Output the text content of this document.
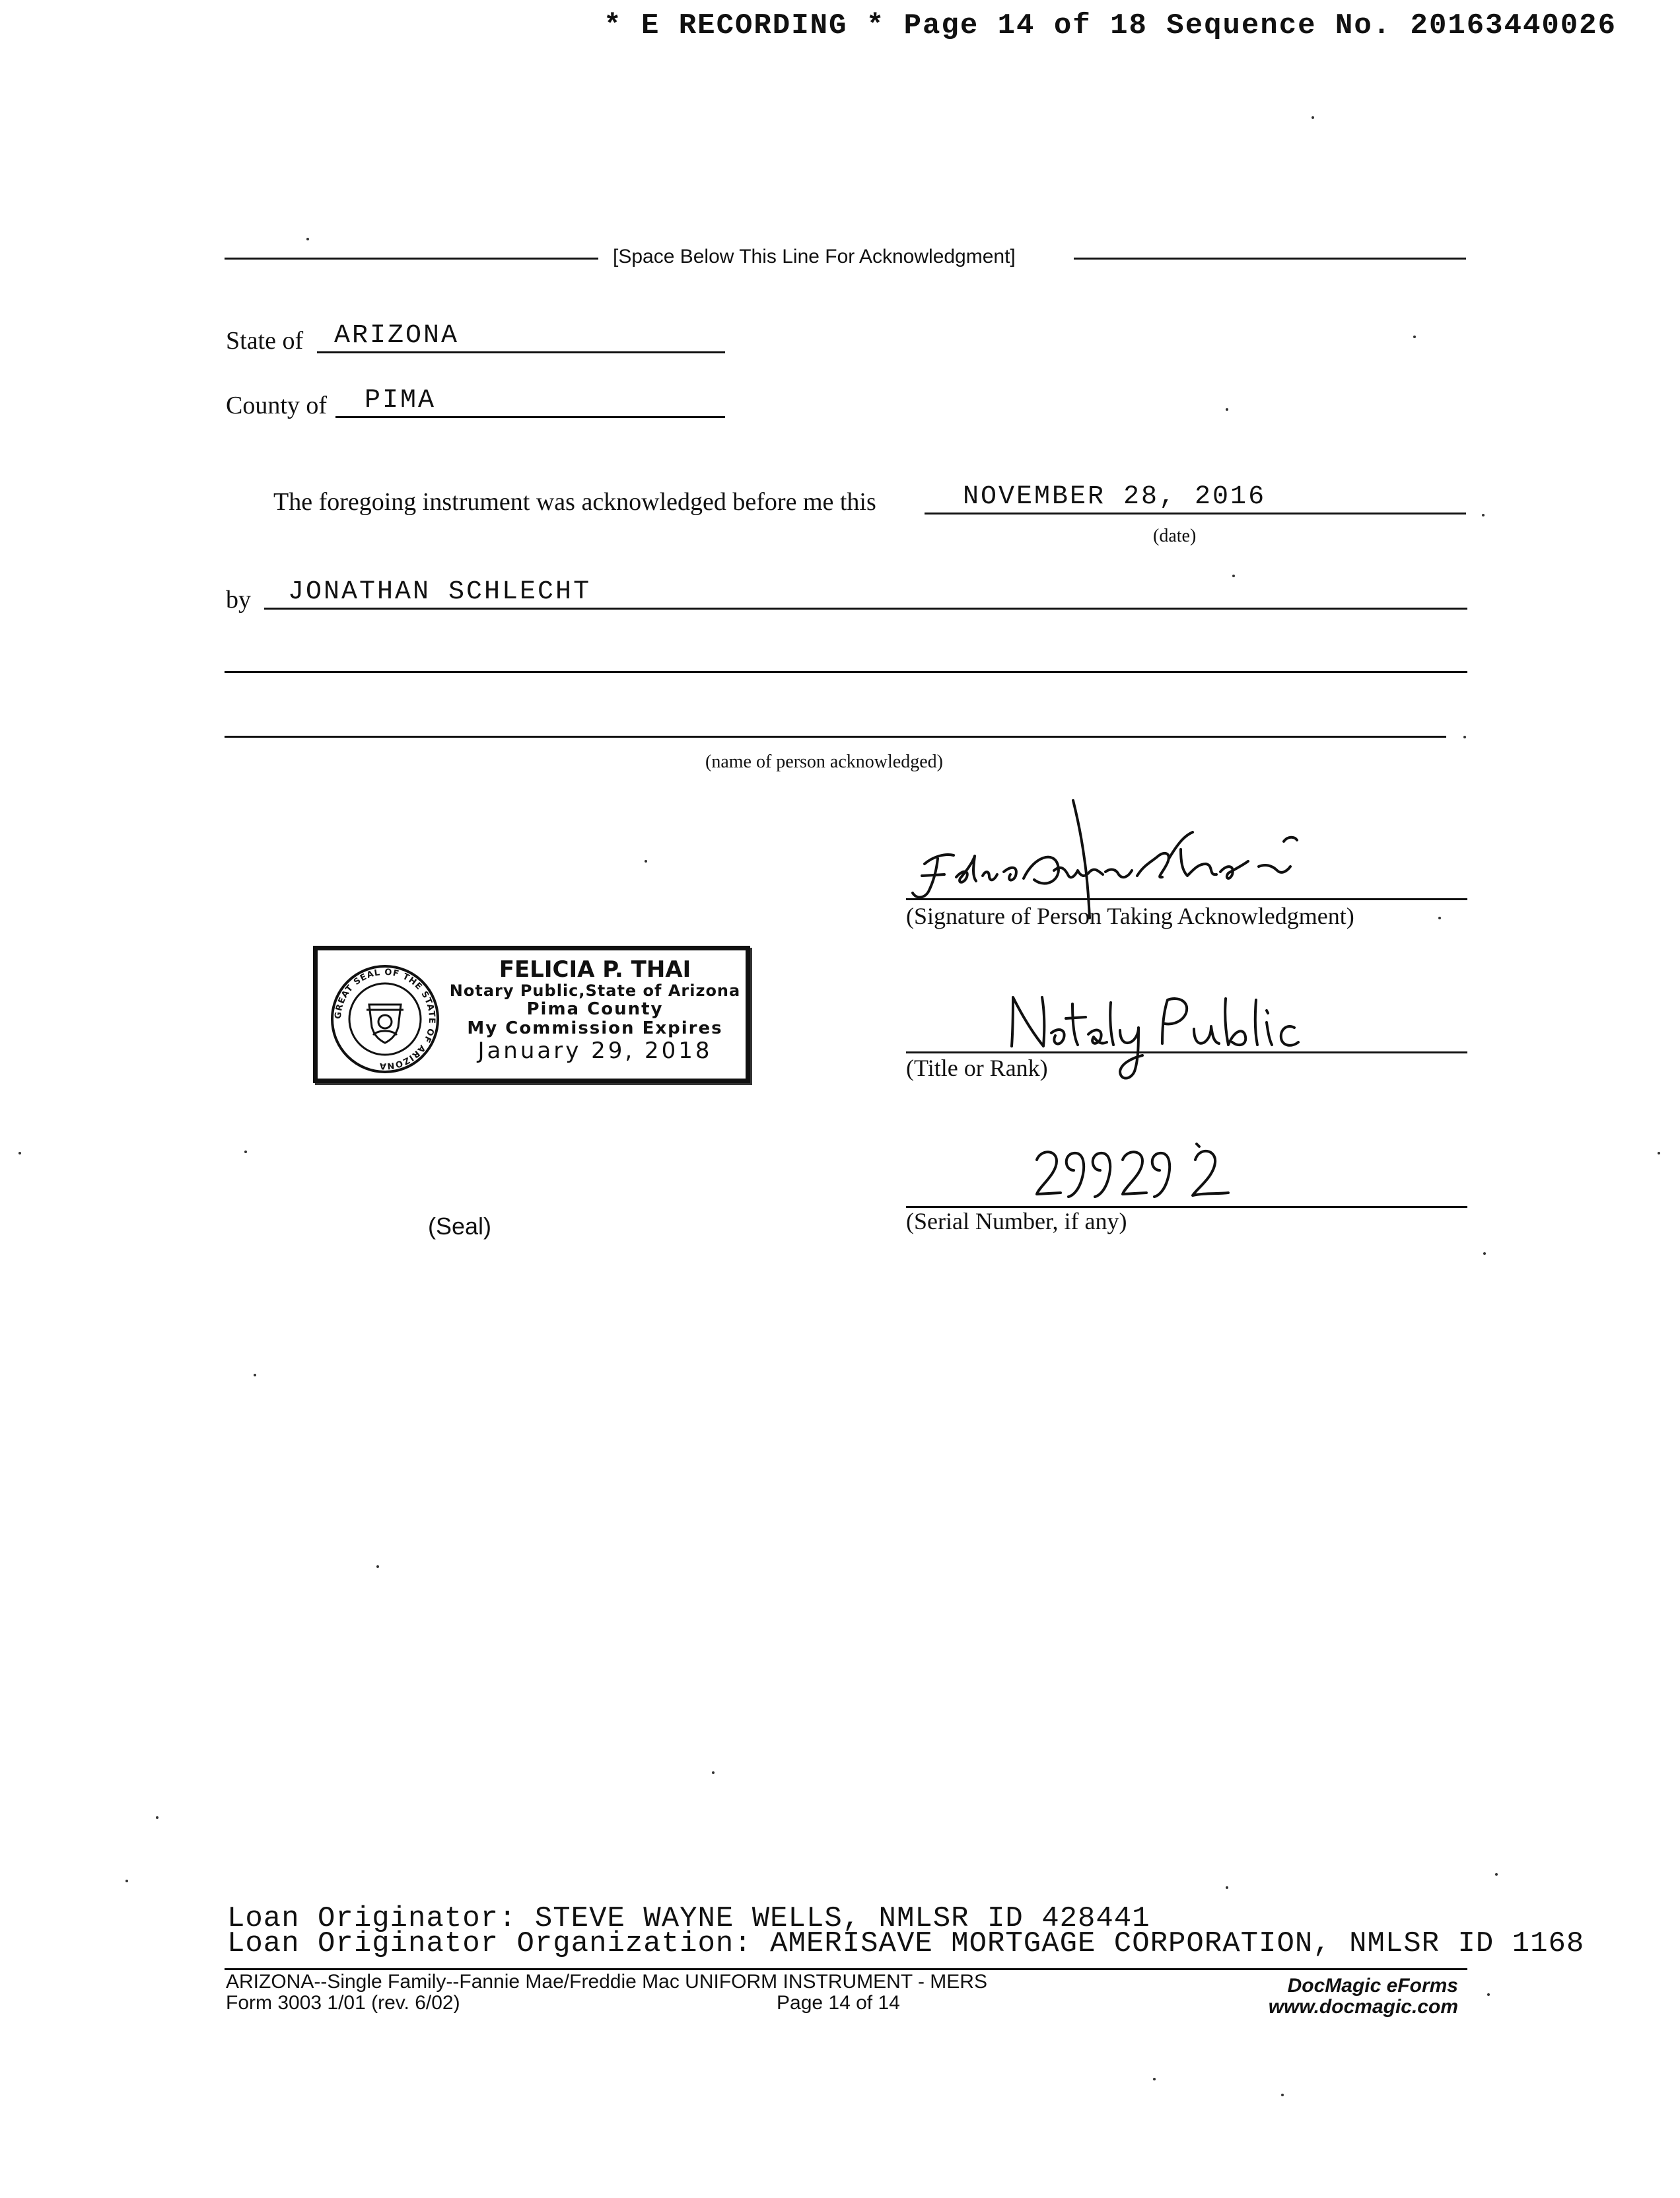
* E RECORDING * Page 14 of 18 Sequence No. 20163440026
[Space Below This Line For Acknowledgment]
State of ARIZONA
County of PIMA
The foregoing instrument was acknowledged before me this	NOVEMBER 28, 2016
(date)
by JONATHAN SCHLECHT
(name of person acknowledged)
(Signature of Person Taking Acknowledgment)
(Title or Rank)
(Serial Number, if any)
(Seal)
GREAT SEAL OF THE STATE OF ARIZONA
FELICIA P. THAI
Notary Public,State of Arizona
Pima County
My Commission Expires
January 29, 2018
Loan Originator: STEVE WAYNE WELLS, NMLSR ID 428441
Loan Originator Organization: AMERISAVE MORTGAGE CORPORATION, NMLSR ID 1168
ARIZONA--Single Family--Fannie Mae/Freddie Mac UNIFORM INSTRUMENT - MERS
Form 3003 1/01 (rev. 6/02)	Page 14 of 14
DocMagic eForms
www.docmagic.com
